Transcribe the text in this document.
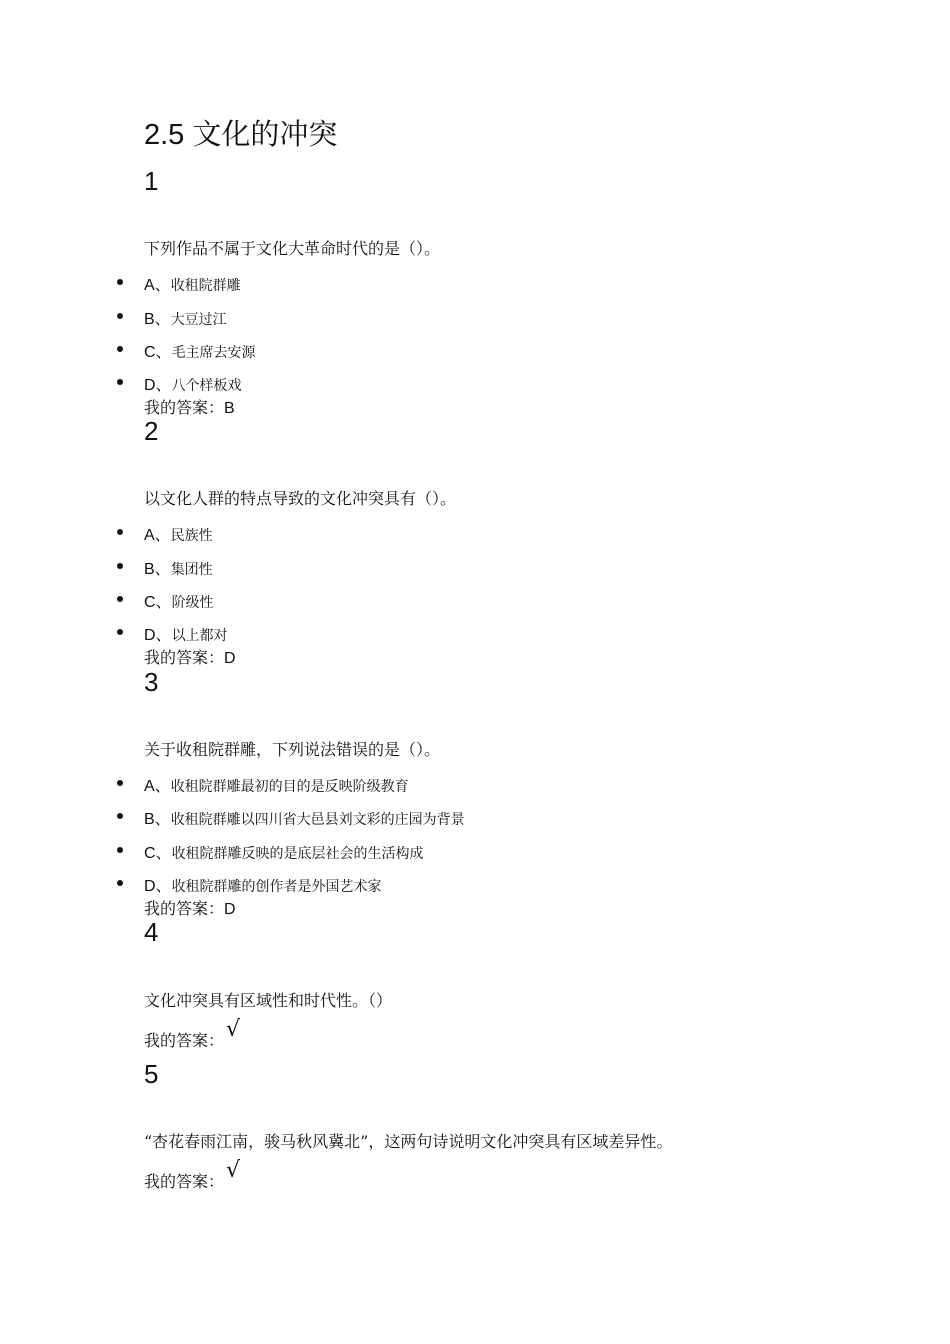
2.5 文化的冲突
1
下列作品不属于文化大革命时代的是（）。
A、收租院群雕
B、大豆过江
C、毛主席去安源
D、八个样板戏
我的答案：B
2
以文化人群的特点导致的文化冲突具有（）。
A、民族性
B、集团性
C、阶级性
D、以上都对
我的答案：D
3
关于收租院群雕，下列说法错误的是（）。
A、收租院群雕最初的目的是反映阶级教育
B、收租院群雕以四川省大邑县刘文彩的庄园为背景
C、收租院群雕反映的是底层社会的生活构成
D、收租院群雕的创作者是外国艺术家
我的答案：D
4
文化冲突具有区域性和时代性。（）
我的答案：√
5
“杏花春雨江南，骏马秋风冀北”，这两句诗说明文化冲突具有区域差异性。
我的答案：√
